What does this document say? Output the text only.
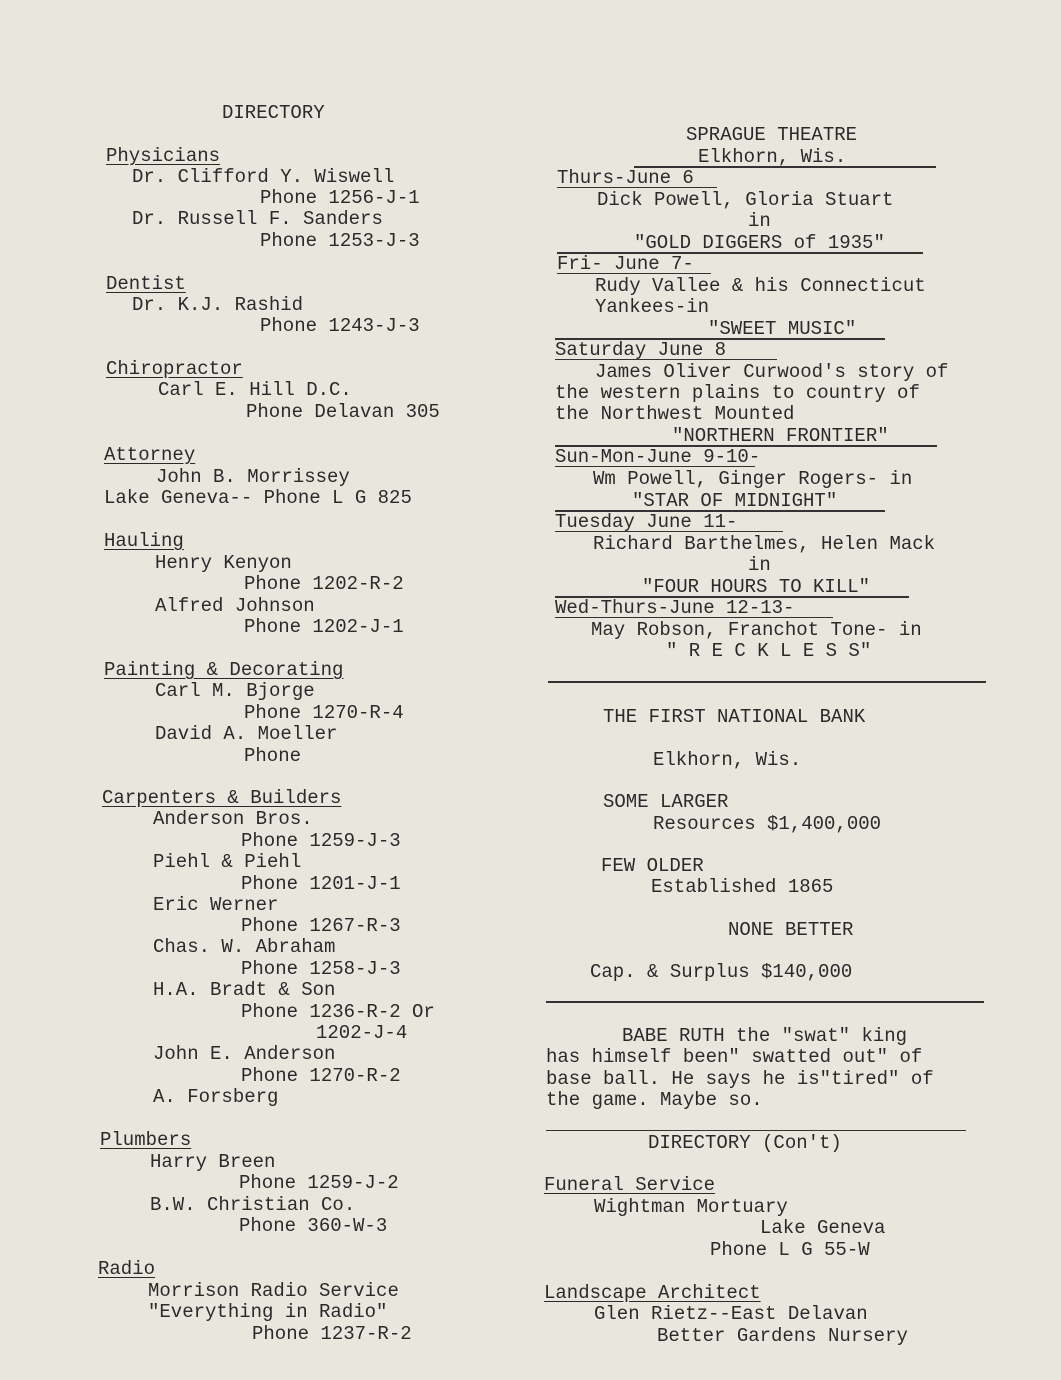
DIRECTORY
Physicians
Dr. Clifford Y. Wiswell
Phone 1256-J-1
Dr. Russell F. Sanders
Phone 1253-J-3
Dentist
Dr. K.J. Rashid
Phone 1243-J-3
Chiropractor
Carl E. Hill D.C.
Phone Delavan 305
Attorney
John B. Morrissey
Lake Geneva-- Phone L G 825
Hauling
Henry Kenyon
Phone 1202-R-2
Alfred Johnson
Phone 1202-J-1
Painting & Decorating
Carl M. Bjorge
Phone 1270-R-4
David A. Moeller
Phone
Carpenters & Builders
Anderson Bros.
Phone 1259-J-3
Piehl & Piehl
Phone 1201-J-1
Eric Werner
Phone 1267-R-3
Chas. W. Abraham
Phone 1258-J-3
H.A. Bradt & Son
Phone 1236-R-2 Or
1202-J-4
John E. Anderson
Phone 1270-R-2
A. Forsberg
Plumbers
Harry Breen
Phone 1259-J-2
B.W. Christian Co.
Phone 360-W-3
Radio
Morrison Radio Service
"Everything in Radio"
Phone 1237-R-2
SPRAGUE THEATRE
Elkhorn, Wis.
Thurs-June 6
Dick Powell, Gloria Stuart
in
"GOLD DIGGERS of 1935"
Fri- June 7-
Rudy Vallee & his Connecticut
Yankees-in
"SWEET MUSIC"
Saturday June 8
James Oliver Curwood's story of
the western plains to country of
the Northwest Mounted
"NORTHERN FRONTIER"
Sun-Mon-June 9-10-
Wm Powell, Ginger Rogers- in
"STAR OF MIDNIGHT"
Tuesday June 11-
Richard Barthelmes, Helen Mack
in
"FOUR HOURS TO KILL"
Wed-Thurs-June 12-13-
May Robson, Franchot Tone- in
" R E C K L E S S"
THE FIRST NATIONAL BANK
Elkhorn, Wis.
SOME LARGER
Resources $1,400,000
FEW OLDER
Established 1865
NONE BETTER
Cap. & Surplus $140,000
BABE RUTH the "swat" king
has himself been" swatted out" of
base ball. He says he is"tired" of
the game. Maybe so.
DIRECTORY (Con't)
Funeral Service
Wightman Mortuary
Lake Geneva
Phone L G 55-W
Landscape Architect
Glen Rietz--East Delavan
Better Gardens Nursery
